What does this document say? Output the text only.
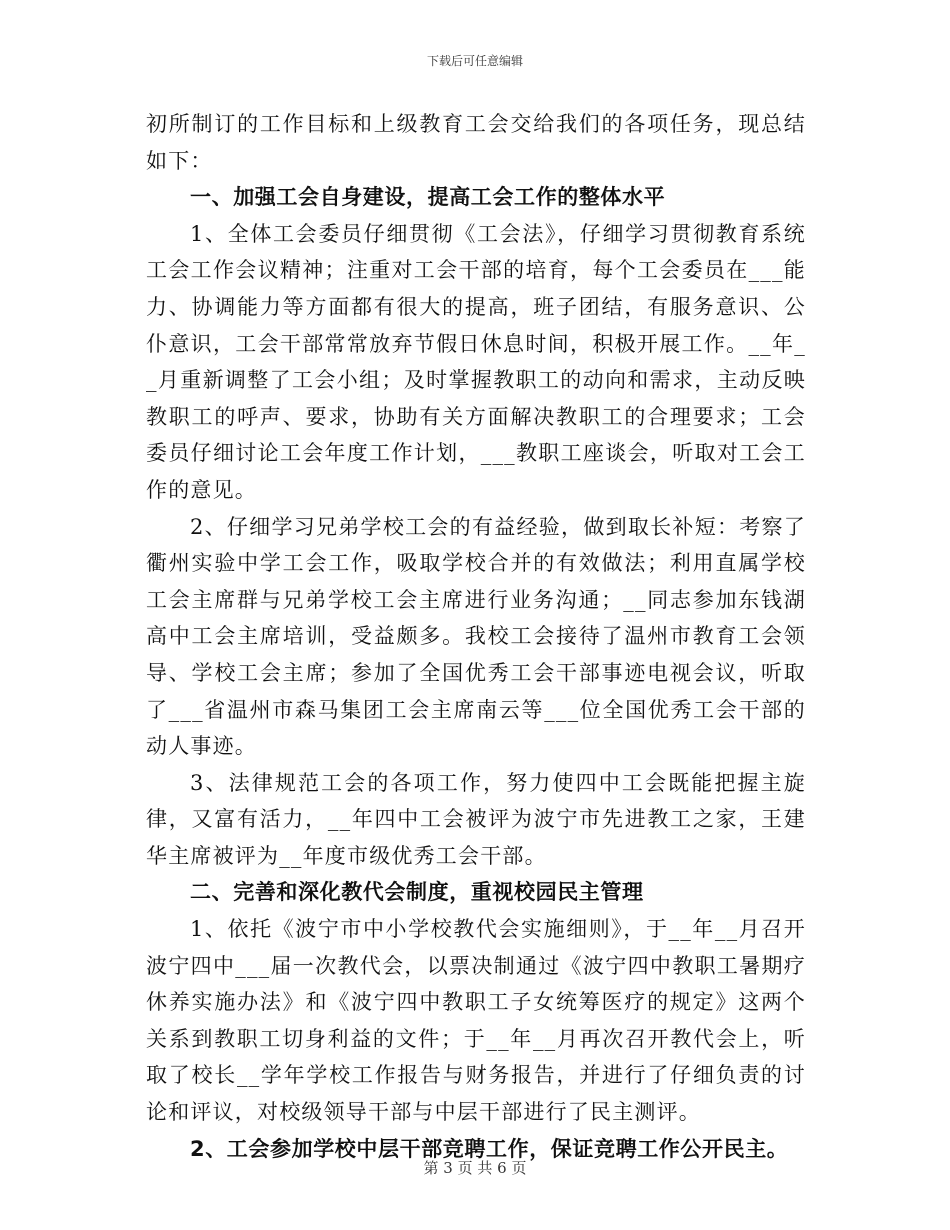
下载后可任意编辑

初所制订的工作目标和上级教育工会交给我们的各项任务，现总结如下：

一、加强工会自身建设，提高工会工作的整体水平

1、全体工会委员仔细贯彻《工会法》，仔细学习贯彻教育系统工会工作会议精神；注重对工会干部的培育，每个工会委员在___能力、协调能力等方面都有很大的提高，班子团结，有服务意识、公仆意识，工会干部常常放弃节假日休息时间，积极开展工作。__年__月重新调整了工会小组；及时掌握教职工的动向和需求，主动反映教职工的呼声、要求，协助有关方面解决教职工的合理要求；工会委员仔细讨论工会年度工作计划，___教职工座谈会，听取对工会工作的意见。

2、仔细学习兄弟学校工会的有益经验，做到取长补短：考察了衢州实验中学工会工作，吸取学校合并的有效做法；利用直属学校工会主席群与兄弟学校工会主席进行业务沟通；__同志参加东钱湖高中工会主席培训，受益颇多。我校工会接待了温州市教育工会领导、学校工会主席；参加了全国优秀工会干部事迹电视会议，听取了___省温州市森马集团工会主席南云等___位全国优秀工会干部的动人事迹。

3、法律规范工会的各项工作，努力使四中工会既能把握主旋律，又富有活力，__年四中工会被评为波宁市先进教工之家，王建华主席被评为__年度市级优秀工会干部。

二、完善和深化教代会制度，重视校园民主管理

1、依托《波宁市中小学校教代会实施细则》，于__年__月召开波宁四中___届一次教代会，以票决制通过《波宁四中教职工暑期疗休养实施办法》和《波宁四中教职工子女统筹医疗的规定》这两个关系到教职工切身利益的文件；于__年__月再次召开教代会上，听取了校长__学年学校工作报告与财务报告，并进行了仔细负责的讨论和评议，对校级领导干部与中层干部进行了民主测评。

2、工会参加学校中层干部竞聘工作，保证竞聘工作公开民主。

第 3 页 共 6 页
